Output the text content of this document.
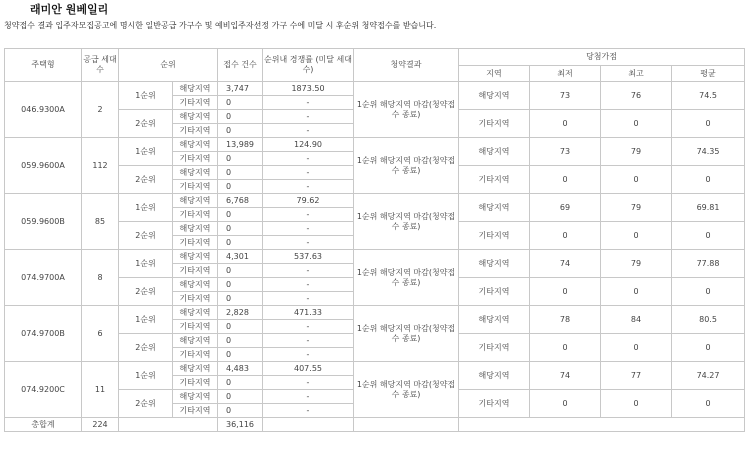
래미안 원베일리
청약접수 결과 입주자모집공고에 명시한 일반공급 가구수 및 예비입주자선정 가구 수에 미달 시 후순위 청약접수를 받습니다.
주택형	공급 세대수	순위		접수 건수	순위내 경쟁률 (미달 세대수)	청약결과	당첨가점			
							지역	최저	최고	평균
046.9300A	2	1순위	해당지역	3,747	1873.50	1순위 해당지역 마감(청약접수 종료)	해당지역	73	76	74.5
			기타지역	0	-					
		2순위	해당지역	0	-		기타지역	0	0	0
			기타지역	0	-					
059.9600A	112	1순위	해당지역	13,989	124.90	1순위 해당지역 마감(청약접수 종료)	해당지역	73	79	74.35
			기타지역	0	-					
		2순위	해당지역	0	-		기타지역	0	0	0
			기타지역	0	-					
059.9600B	85	1순위	해당지역	6,768	79.62	1순위 해당지역 마감(청약접수 종료)	해당지역	69	79	69.81
			기타지역	0	-					
		2순위	해당지역	0	-		기타지역	0	0	0
			기타지역	0	-					
074.9700A	8	1순위	해당지역	4,301	537.63	1순위 해당지역 마감(청약접수 종료)	해당지역	74	79	77.88
			기타지역	0	-					
		2순위	해당지역	0	-		기타지역	0	0	0
			기타지역	0	-					
074.9700B	6	1순위	해당지역	2,828	471.33	1순위 해당지역 마감(청약접수 종료)	해당지역	78	84	80.5
			기타지역	0	-					
		2순위	해당지역	0	-		기타지역	0	0	0
			기타지역	0	-					
074.9200C	11	1순위	해당지역	4,483	407.55	1순위 해당지역 마감(청약접수 종료)	해당지역	74	77	74.27
			기타지역	0	-					
		2순위	해당지역	0	-		기타지역	0	0	0
			기타지역	0	-					
총합계	224			36,116						
